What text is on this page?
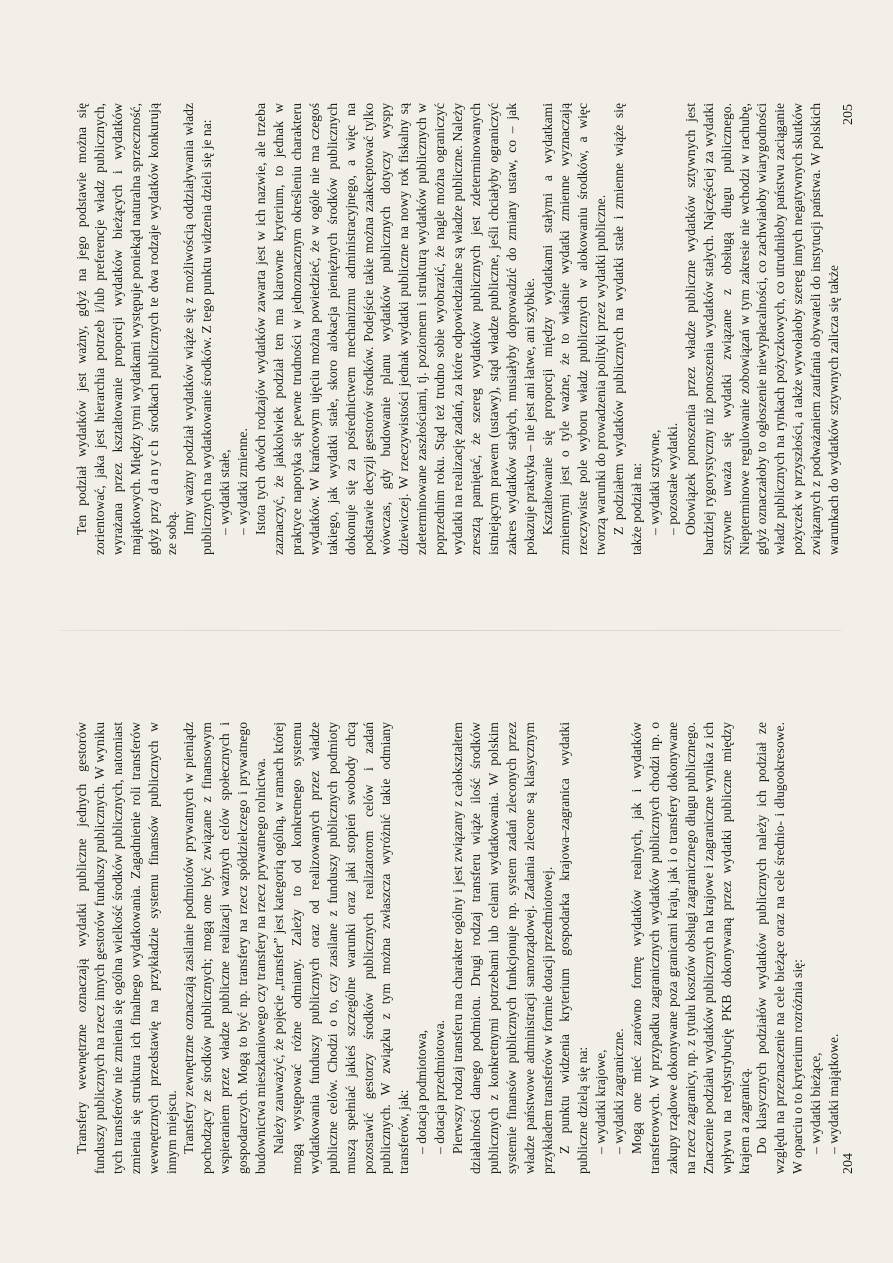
Transfery wewnętrzne oznaczają wydatki publiczne jednych gestorów funduszy publicznych na rzecz innych gestorów funduszy publicznych. W wyniku tych transferów nie zmienia się ogólna wielkość środków publicznych, natomiast zmienia się struktura ich finalnego wydatkowania. Zagadnienie roli transferów wewnętrznych przedstawię na przykładzie systemu finansów publicznych w innym miejscu. Transfery zewnętrzne oznaczają zasilanie podmiotów prywatnych w pieniądz pochodzący ze środków publicznych; mogą one być związane z finansowym wspieraniem przez władze publiczne realizacji ważnych celów społecznych i gospodarczych. Mogą to być np. transfery na rzecz spółdzielczego i prywatnego budownictwa mieszkaniowego czy transfery na rzecz prywatnego rolnictwa. Należy zauważyć, że pojęcie „transfer” jest kategorią ogólną, w ramach której mogą występować różne odmiany. Zależy to od konkretnego systemu wydatkowania funduszy publicznych oraz od realizowanych przez władze publiczne celów. Chodzi o to, czy zasilane z funduszy publicznych podmioty muszą spełniać jakieś szczególne warunki oraz jaki stopień swobody chcą pozostawić gestorzy środków publicznych realizatorom celów i zadań publicznych. W związku z tym można zwłaszcza wyróżnić takie odmiany transferów, jak: – dotacja podmiotowa, – dotacja przedmiotowa. Pierwszy rodzaj transferu ma charakter ogólny i jest związany z całokształtem działalności danego podmiotu. Drugi rodzaj transferu wiąże ilość środków publicznych z konkretnymi potrzebami lub celami wydatkowania. W polskim systemie finansów publicznych funkcjonuje np. system zadań zleconych przez władze państwowe administracji samorządowej. Zadania zlecone są klasycznym przykładem transferów w formie dotacji przedmiotowej. Z punktu widzenia kryterium gospodarka krajowa–zagranica wydatki publiczne dzielą się na: – wydatki krajowe, – wydatki zagraniczne. Mogą one mieć zarówno formę wydatków realnych, jak i wydatków transferowych. W przypadku zagranicznych wydatków publicznych chodzi np. o zakupy rządowe dokonywane poza granicami kraju, jak i o transfery dokonywane na rzecz zagranicy, np. z tytułu kosztów obsługi zagranicznego długu publicznego. Znaczenie podziału wydatków publicznych na krajowe i zagraniczne wynika z ich wpływu na redystrybucję PKB dokonywaną przez wydatki publiczne między krajem a zagranicą. Do klasycznych podziałów wydatków publicznych należy ich podział ze względu na przeznaczenie na cele bieżące oraz na cele średnio- i długookresowe. W oparciu o to kryterium rozróżnia się: – wydatki bieżące, – wydatki majątkowe.
204

Ten podział wydatków jest ważny, gdyż na jego podstawie można się zorientować, jaka jest hierarchia potrzeb i/lub preferencje władz publicznych, wyrażana przez kształtowanie proporcji wydatków bieżących i wydatków majątkowych. Między tymi wydatkami występuje poniekąd naturalna sprzeczność, gdyż przy danych środkach publicznych te dwa rodzaje wydatków konkurują ze sobą. Inny ważny podział wydatków wiąże się z możliwością oddziaływania władz publicznych na wydatkowanie środków. Z tego punktu widzenia dzieli się je na: – wydatki stałe, – wydatki zmienne. Istota tych dwóch rodzajów wydatków zawarta jest w ich nazwie, ale trzeba zaznaczyć, że jakkolwiek podział ten ma klarowne kryterium, to jednak w praktyce napotyka się pewne trudności w jednoznacznym określeniu charakteru wydatków. W krańcowym ujęciu można powiedzieć, że w ogóle nie ma czegoś takiego, jak wydatki stałe, skoro alokacja pieniężnych środków publicznych dokonuje się za pośrednictwem mechanizmu administracyjnego, a więc na podstawie decyzji gestorów środków. Podejście takie można zaakceptować tylko wówczas, gdy budowanie planu wydatków publicznych dotyczy wyspy dziewiczej. W rzeczywistości jednak wydatki publiczne na nowy rok fiskalny są zdeterminowane zaszłościami, tj. poziomem i strukturą wydatków publicznych w poprzednim roku. Stąd też trudno sobie wyobrazić, że nagle można ograniczyć wydatki na realizację zadań, za które odpowiedzialne są władze publiczne. Należy zresztą pamiętać, że szereg wydatków publicznych jest zdeterminowanych istniejącym prawem (ustawy), stąd władze publiczne, jeśli chciałyby ograniczyć zakres wydatków stałych, musiałyby doprowadzić do zmiany ustaw, co – jak pokazuje praktyka – nie jest ani łatwe, ani szybkie. Kształtowanie się proporcji między wydatkami stałymi a wydatkami zmiennymi jest o tyle ważne, że to właśnie wydatki zmienne wyznaczają rzeczywiste pole wyboru władz publicznych w alokowaniu środków, a więc tworzą warunki do prowadzenia polityki przez wydatki publiczne. Z podziałem wydatków publicznych na wydatki stałe i zmienne wiąże się także podział na: – wydatki sztywne, – pozostałe wydatki. Obowiązek ponoszenia przez władze publiczne wydatków sztywnych jest bardziej rygorystyczny niż ponoszenia wydatków stałych. Najczęściej za wydatki sztywne uważa się wydatki związane z obsługą długu publicznego. Niepterminowe regulowanie zobowiązań w tym zakresie nie wchodzi w rachubę, gdyż oznaczałoby to ogłoszenie niewypłacalności, co zachwiałoby wiarygodności władz publicznych na rynkach pożyczkowych, co utrudniłoby państwu zaciąganie pożyczek w przyszłości, a także wywołałoby szereg innych negatywnych skutków związanych z podważaniem zaufania obywateli do instytucji państwa. W polskich warunkach do wydatków sztywnych zalicza się także

205
